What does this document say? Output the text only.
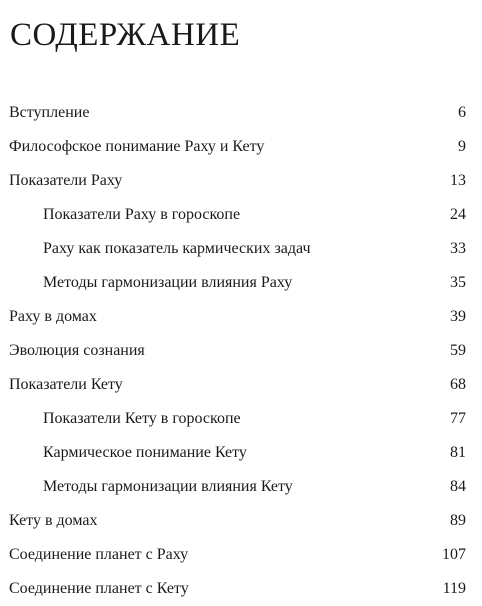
СОДЕРЖАНИЕ
Вступление	6
Философское понимание Раху и Кету	9
Показатели Раху	13
Показатели Раху в гороскопе	24
Раху как показатель кармических задач	33
Методы гармонизации влияния Раху	35
Раху в домах	39
Эволюция сознания	59
Показатели Кету	68
Показатели Кету в гороскопе	77
Кармическое понимание Кету	81
Методы гармонизации влияния Кету	84
Кету в домах	89
Соединение планет с Раху	107
Соединение планет с Кету	119
